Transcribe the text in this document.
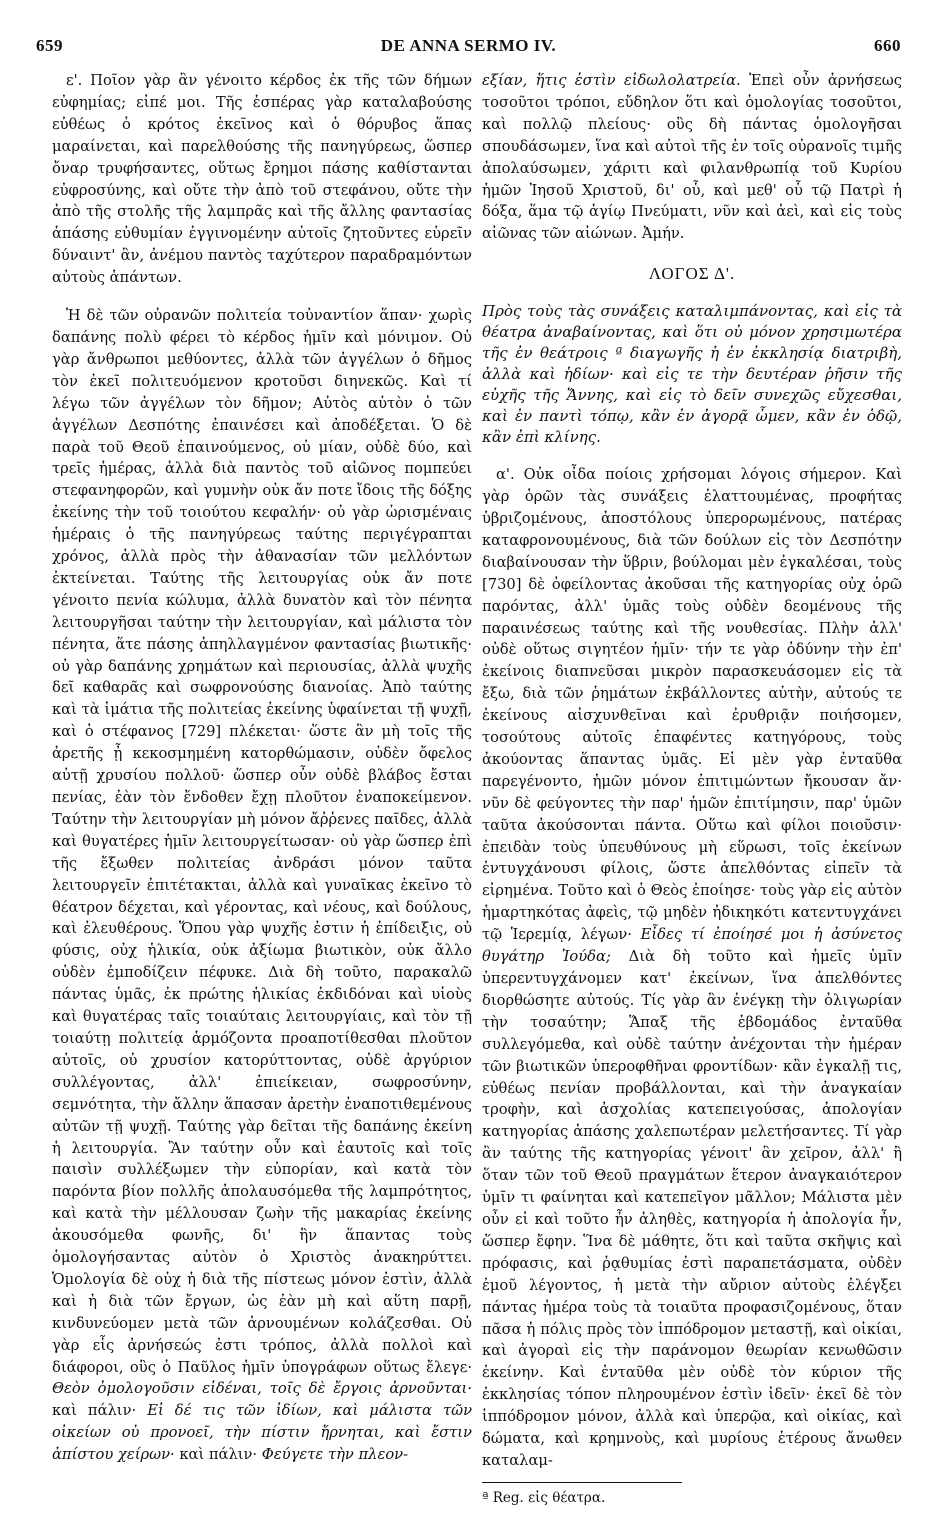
659	DE ANNA SERMO IV.	660

ε'. Ποῖον γὰρ ἂν γένοιτο κέρδος ἐκ τῆς τῶν δήμων εὐφημίας; εἰπέ μοι. Τῆς ἑσπέρας γὰρ καταλαβούσης εὐθέως ὁ κρότος ἐκεῖνος καὶ ὁ θόρυβος ἅπας μαραίνεται, καὶ παρελθούσης τῆς πανηγύρεως, ὥσπερ ὄναρ τρυφήσαντες, οὕτως ἔρημοι πάσης καθίστανται εὐφροσύνης, καὶ οὔτε τὴν ἀπὸ τοῦ στεφάνου, οὔτε τὴν ἀπὸ τῆς στολῆς τῆς λαμπρᾶς καὶ τῆς ἄλλης φαντασίας ἁπάσης εὐθυμίαν ἐγγινομένην αὐτοῖς ζητοῦντες εὑρεῖν δύναιντ' ἂν, ἀνέμου παντὸς ταχύτερον παραδραμόντων αὐτοὺς ἁπάντων.

Ἡ δὲ τῶν οὐρανῶν πολιτεία τοὐναντίον ἅπαν· χωρὶς δαπάνης πολὺ φέρει τὸ κέρδος ἡμῖν καὶ μόνιμον. Οὐ γὰρ ἄνθρωποι μεθύοντες, ἀλλὰ τῶν ἀγγέλων ὁ δῆμος τὸν ἐκεῖ πολιτευόμενον κροτοῦσι διηνεκῶς. Καὶ τί λέγω τῶν ἀγγέλων τὸν δῆμον; Αὐτὸς αὐτὸν ὁ τῶν ἀγγέλων Δεσπότης ἐπαινέσει καὶ ἀποδέξεται. Ὁ δὲ παρὰ τοῦ Θεοῦ ἐπαινούμενος, οὐ μίαν, οὐδὲ δύο, καὶ τρεῖς ἡμέρας, ἀλλὰ διὰ παντὸς τοῦ αἰῶνος πομπεύει στεφανηφορῶν, καὶ γυμνὴν οὐκ ἄν ποτε ἴδοις τῆς δόξης ἐκείνης τὴν τοῦ τοιούτου κεφαλήν· οὐ γὰρ ὡρισμέναις ἡμέραις ὁ τῆς πανηγύρεως ταύτης περιγέγραπται χρόνος, ἀλλὰ πρὸς τὴν ἀθανασίαν τῶν μελλόντων ἐκτείνεται. Ταύτης τῆς λειτουργίας οὐκ ἄν ποτε γένοιτο πενία κώλυμα, ἀλλὰ δυνατὸν καὶ τὸν πένητα λειτουργῆσαι ταύτην τὴν λειτουργίαν, καὶ μάλιστα τὸν πένητα, ἅτε πάσης ἀπηλλαγμένον φαντασίας βιωτικῆς· οὐ γὰρ δαπάνης χρημάτων καὶ περιουσίας, ἀλλὰ ψυχῆς δεῖ καθαρᾶς καὶ σωφρονούσης διανοίας. Ἀπὸ ταύτης καὶ τὰ ἱμάτια τῆς πολιτείας ἐκείνης ὑφαίνεται τῇ ψυχῇ, καὶ ὁ στέφανος [729] πλέκεται· ὥστε ἂν μὴ τοῖς τῆς ἀρετῆς ᾖ κεκοσμημένη κατορθώμασιν, οὐδὲν ὄφελος αὐτῇ χρυσίου πολλοῦ· ὥσπερ οὖν οὐδὲ βλάβος ἔσται πενίας, ἐὰν τὸν ἔνδοθεν ἔχῃ πλοῦτον ἐναποκείμενον. Ταύτην τὴν λειτουργίαν μὴ μόνον ἄῤῥενες παῖδες, ἀλλὰ καὶ θυγατέρες ἡμῖν λειτουργείτωσαν· οὐ γὰρ ὥσπερ ἐπὶ τῆς ἔξωθεν πολιτείας ἀνδράσι μόνον ταῦτα λειτουργεῖν ἐπιτέτακται, ἀλλὰ καὶ γυναῖκας ἐκεῖνο τὸ θέατρον δέχεται, καὶ γέροντας, καὶ νέους, καὶ δούλους, καὶ ἐλευθέρους. Ὅπου γὰρ ψυχῆς ἐστιν ἡ ἐπίδειξις, οὐ φύσις, οὐχ ἡλικία, οὐκ ἀξίωμα βιωτικὸν, οὐκ ἄλλο οὐδὲν ἐμποδίζειν πέφυκε. Διὰ δὴ τοῦτο, παρακαλῶ πάντας ὑμᾶς, ἐκ πρώτης ἡλικίας ἐκδιδόναι καὶ υἱοὺς καὶ θυγατέρας ταῖς τοιαύταις λειτουργίαις, καὶ τὸν τῇ τοιαύτῃ πολιτείᾳ ἁρμόζοντα προαποτίθεσθαι πλοῦτον αὐτοῖς, οὐ χρυσίον κατορύττοντας, οὐδὲ ἀργύριον συλλέγοντας, ἀλλ' ἐπιείκειαν, σωφροσύνην, σεμνότητα, τὴν ἄλλην ἅπασαν ἀρετὴν ἐναποτιθεμένους αὐτῶν τῇ ψυχῇ. Ταύτης γὰρ δεῖται τῆς δαπάνης ἐκείνη ἡ λειτουργία. Ἂν ταύτην οὖν καὶ ἑαυτοῖς καὶ τοῖς παισὶν συλλέξωμεν τὴν εὐπορίαν, καὶ κατὰ τὸν παρόντα βίον πολλῆς ἀπολαυσόμεθα τῆς λαμπρότητος, καὶ κατὰ τὴν μέλλουσαν ζωὴν τῆς μακαρίας ἐκείνης ἀκουσόμεθα φωνῆς, δι' ἣν ἅπαντας τοὺς ὁμολογήσαντας αὐτὸν ὁ Χριστὸς ἀνακηρύττει. Ὁμολογία δὲ οὐχ ἡ διὰ τῆς πίστεως μόνον ἐστὶν, ἀλλὰ καὶ ἡ διὰ τῶν ἔργων, ὡς ἐὰν μὴ καὶ αὕτη παρῇ, κινδυνεύομεν μετὰ τῶν ἀρνουμένων κολάζεσθαι. Οὐ γὰρ εἷς ἀρνήσεώς ἐστι τρόπος, ἀλλὰ πολλοὶ καὶ διάφοροι, οὓς ὁ Παῦλος ἡμῖν ὑπογράφων οὕτως ἔλεγε· Θεὸν ὁμολογοῦσιν εἰδέναι, τοῖς δὲ ἔργοις ἀρνοῦνται· καὶ πάλιν· Εἰ δέ τις τῶν ἰδίων, καὶ μάλιστα τῶν οἰκείων οὐ προνοεῖ, τὴν πίστιν ἤρνηται, καὶ ἔστιν ἀπίστου χείρων· καὶ πάλιν· Φεύγετε τὴν πλεον-

εξίαν, ἥτις ἐστὶν εἰδωλολατρεία. Ἐπεὶ οὖν ἀρνήσεως τοσοῦτοι τρόποι, εὔδηλον ὅτι καὶ ὁμολογίας τοσοῦτοι, καὶ πολλῷ πλείους· οὓς δὴ πάντας ὁμολογῆσαι σπουδάσωμεν, ἵνα καὶ αὐτοὶ τῆς ἐν τοῖς οὐρανοῖς τιμῆς ἀπολαύσωμεν, χάριτι καὶ φιλανθρωπίᾳ τοῦ Κυρίου ἡμῶν Ἰησοῦ Χριστοῦ, δι' οὗ, καὶ μεθ' οὗ τῷ Πατρὶ ἡ δόξα, ἅμα τῷ ἁγίῳ Πνεύματι, νῦν καὶ ἀεὶ, καὶ εἰς τοὺς αἰῶνας τῶν αἰώνων. Ἀμήν.

ΛΟΓΟΣ Δ'.

Πρὸς τοὺς τὰς συνάξεις καταλιμπάνοντας, καὶ εἰς τὰ θέατρα ἀναβαίνοντας, καὶ ὅτι οὐ μόνον χρησιμωτέρα τῆς ἐν θεάτροις ª διαγωγῆς ἡ ἐν ἐκκλησίᾳ διατριβὴ, ἀλλὰ καὶ ἡδίων· καὶ εἰς τε τὴν δευτέραν ῥῆσιν τῆς εὐχῆς τῆς Ἄννης, καὶ εἰς τὸ δεῖν συνεχῶς εὔχεσθαι, καὶ ἐν παντὶ τόπῳ, κἂν ἐν ἀγορᾷ ὦμεν, κἂν ἐν ὁδῷ, κἂν ἐπὶ κλίνης.

α'. Οὐκ οἶδα ποίοις χρήσομαι λόγοις σήμερον. Καὶ γὰρ ὁρῶν τὰς συνάξεις ἐλαττουμένας, προφήτας ὑβριζομένους, ἀποστόλους ὑπερορωμένους, πατέρας καταφρονουμένους, διὰ τῶν δούλων εἰς τὸν Δεσπότην διαβαίνουσαν τὴν ὕβριν, βούλομαι μὲν ἐγκαλέσαι, τοὺς [730] δὲ ὀφείλοντας ἀκοῦσαι τῆς κατηγορίας οὐχ ὁρῶ παρόντας, ἀλλ' ὑμᾶς τοὺς οὐδὲν δεομένους τῆς παραινέσεως ταύτης καὶ τῆς νουθεσίας. Πλὴν ἀλλ' οὐδὲ οὕτως σιγητέον ἡμῖν· τήν τε γὰρ ὀδύνην τὴν ἐπ' ἐκείνοις διαπνεῦσαι μικρὸν παρασκευάσομεν εἰς τὰ ἔξω, διὰ τῶν ῥημάτων ἐκβάλλοντες αὐτὴν, αὐτούς τε ἐκείνους αἰσχυνθεῖναι καὶ ἐρυθριᾷν ποιήσομεν, τοσούτους αὐτοῖς ἐπαφέντες κατηγόρους, τοὺς ἀκούοντας ἅπαντας ὑμᾶς. Εἰ μὲν γὰρ ἐνταῦθα παρεγένοντο, ἡμῶν μόνον ἐπιτιμώντων ἤκουσαν ἄν· νῦν δὲ φεύγοντες τὴν παρ' ἡμῶν ἐπιτίμησιν, παρ' ὑμῶν ταῦτα ἀκούσονται πάντα. Οὕτω καὶ φίλοι ποιοῦσιν· ἐπειδὰν τοὺς ὑπευθύνους μὴ εὕρωσι, τοῖς ἐκείνων ἐντυγχάνουσι φίλοις, ὥστε ἀπελθόντας εἰπεῖν τὰ εἰρημένα. Τοῦτο καὶ ὁ Θεὸς ἐποίησε· τοὺς γὰρ εἰς αὐτὸν ἡμαρτηκότας ἀφεὶς, τῷ μηδὲν ἠδικηκότι κατεντυγχάνει τῷ Ἱερεμίᾳ, λέγων· Εἶδες τί ἐποίησέ μοι ἡ ἀσύνετος θυγάτηρ Ἰούδα; Διὰ δὴ τοῦτο καὶ ἡμεῖς ὑμῖν ὑπερεντυγχάνομεν κατ' ἐκείνων, ἵνα ἀπελθόντες διορθώσητε αὐτούς. Τίς γὰρ ἂν ἐνέγκῃ τὴν ὀλιγωρίαν τὴν τοσαύτην; Ἅπαξ τῆς ἑβδομάδος ἐνταῦθα συλλεγόμεθα, καὶ οὐδὲ ταύτην ἀνέχονται τὴν ἡμέραν τῶν βιωτικῶν ὑπεροφθῆναι φροντίδων· κἂν ἐγκαλῇ τις, εὐθέως πενίαν προβάλλονται, καὶ τὴν ἀναγκαίαν τροφὴν, καὶ ἀσχολίας κατεπειγούσας, ἀπολογίαν κατηγορίας ἁπάσης χαλεπωτέραν μελετήσαντες. Τί γὰρ ἂν ταύτης τῆς κατηγορίας γένοιτ' ἂν χεῖρον, ἀλλ' ἢ ὅταν τῶν τοῦ Θεοῦ πραγμάτων ἕτερον ἀναγκαιότερον ὑμῖν τι φαίνηται καὶ κατεπεῖγον μᾶλλον; Μάλιστα μὲν οὖν εἰ καὶ τοῦτο ἦν ἀληθὲς, κατηγορία ἡ ἀπολογία ἦν, ὥσπερ ἔφην. Ἵνα δὲ μάθητε, ὅτι καὶ ταῦτα σκῆψις καὶ πρόφασις, καὶ ῥᾳθυμίας ἐστὶ παραπετάσματα, οὐδὲν ἐμοῦ λέγοντος, ἡ μετὰ τὴν αὔριον αὐτοὺς ἐλέγξει πάντας ἡμέρα τοὺς τὰ τοιαῦτα προφασιζομένους, ὅταν πᾶσα ἡ πόλις πρὸς τὸν ἱππόδρομον μεταστῇ, καὶ οἰκίαι, καὶ ἀγοραὶ εἰς τὴν παράνομον θεωρίαν κενωθῶσιν ἐκείνην. Καὶ ἐνταῦθα μὲν οὐδὲ τὸν κύριον τῆς ἐκκλησίας τόπον πληρουμένον ἐστὶν ἰδεῖν· ἐκεῖ δὲ τὸν ἱππόδρομον μόνον, ἀλλὰ καὶ ὑπερῷα, καὶ οἰκίας, καὶ δώματα, καὶ κρημνοὺς, καὶ μυρίους ἑτέρους ἄνωθεν καταλαμ-

ª Reg. εἰς θέατρα.
